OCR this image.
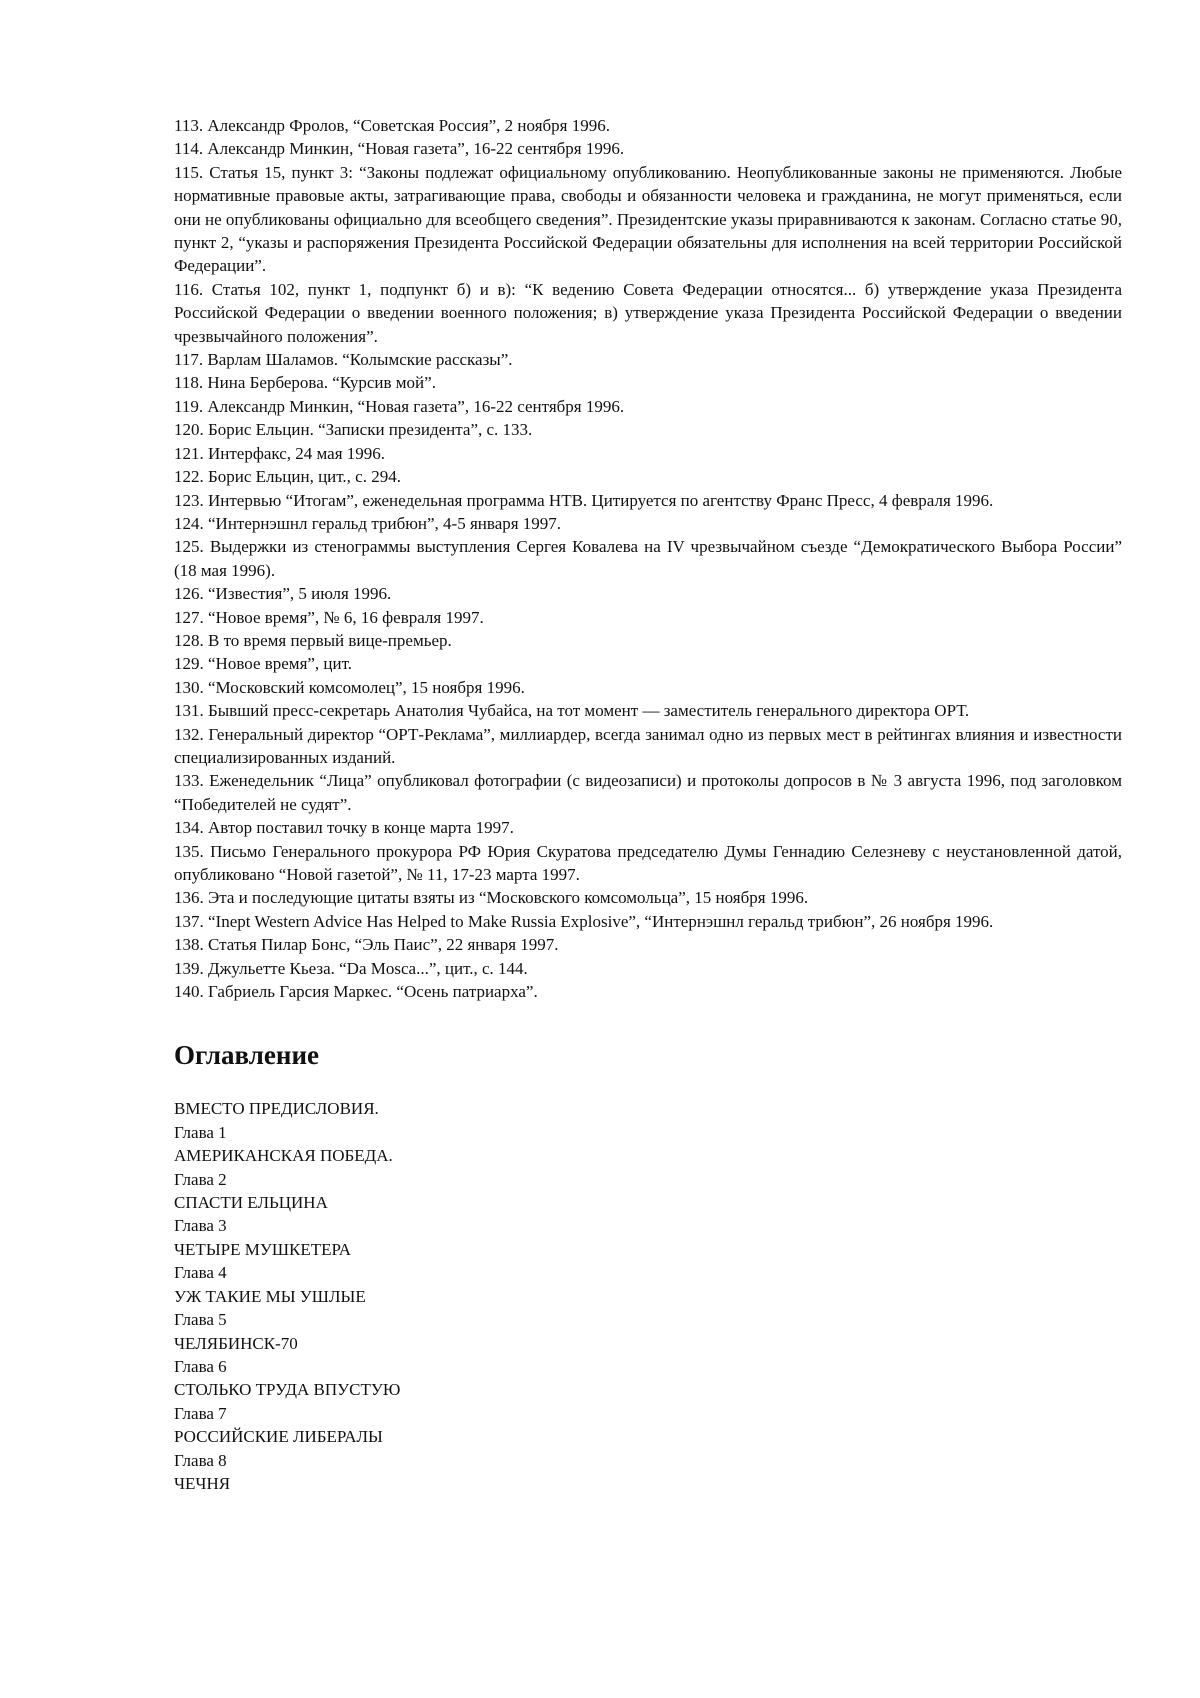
113. Александр Фролов, “Советская Россия”, 2 ноября 1996.

114. Александр Минкин, “Новая газета”, 16-22 сентября 1996.

115. Статья 15, пункт 3: “Законы подлежат официальному опубликованию. Неопубликованные законы не применяются. Любые нормативные правовые акты, затрагивающие права, свободы и обязанности человека и гражданина, не могут применяться, если они не опубликованы официально для всеобщего сведения”. Президентские указы приравниваются к законам. Согласно статье 90, пункт 2, “указы и распоряжения Президента Российской Федерации обязательны для исполнения на всей территории Российской Федерации”.

116. Статья 102, пункт 1, подпункт б) и в): “К ведению Совета Федерации относятся... б) утверждение указа Президента Российской Федерации о введении военного положения; в) утверждение указа Президента Российской Федерации о введении чрезвычайного положения”.

117. Варлам Шаламов. “Колымские рассказы”.

118. Нина Берберова. “Курсив мой”.

119. Александр Минкин, “Новая газета”, 16-22 сентября 1996.

120. Борис Ельцин. “Записки президента”, с. 133.

121. Интерфакс, 24 мая 1996.

122. Борис Ельцин, цит., с. 294.

123. Интервью “Итогам”, еженедельная программа НТВ. Цитируется по агентству Франс Пресс, 4 февраля 1996.

124. “Интернэшнл геральд трибюн”, 4-5 января 1997.

125. Выдержки из стенограммы выступления Сергея Ковалева на IV чрезвычайном съезде “Демократического Выбора России” (18 мая 1996).

126. “Известия”, 5 июля 1996.

127. “Новое время”, № 6, 16 февраля 1997.

128. В то время первый вице-премьер.

129. “Новое время”, цит.

130. “Московский комсомолец”, 15 ноября 1996.

131. Бывший пресс-секретарь Анатолия Чубайса, на тот момент — заместитель генерального директора ОРТ.

132. Генеральный директор “ОРТ-Реклама”, миллиардер, всегда занимал одно из первых мест в рейтингах влияния и известности специализированных изданий.

133. Еженедельник “Лица” опубликовал фотографии (с видеозаписи) и протоколы допросов в № 3 августа 1996, под заголовком “Победителей не судят”.

134. Автор поставил точку в конце марта 1997.

135. Письмо Генерального прокурора РФ Юрия Скуратова председателю Думы Геннадию Селезневу с неустановленной датой, опубликовано “Новой газетой”, № 11, 17-23 марта 1997.

136. Эта и последующие цитаты взяты из “Московского комсомольца”, 15 ноября 1996.

137. “Inept Western Advice Has Helped to Make Russia Explosive”, “Интернэшнл геральд трибюн”, 26 ноября 1996.

138. Статья Пилар Бонс, “Эль Паис”, 22 января 1997.

139. Джульетте Кьеза. “Da Mosca...”, цит., с. 144.

140. Габриель Гарсия Маркес. “Осень патриарха”.

Оглавление

ВМЕСТО ПРЕДИСЛОВИЯ.

Глава 1

АМЕРИКАНСКАЯ ПОБЕДА.

Глава 2

СПАСТИ ЕЛЬЦИНА

Глава 3

ЧЕТЫРЕ МУШКЕТЕРА

Глава 4

УЖ ТАКИЕ МЫ УШЛЫЕ

Глава 5

ЧЕЛЯБИНСК-70

Глава 6

СТОЛЬКО ТРУДА ВПУСТУЮ

Глава 7

РОССИЙСКИЕ ЛИБЕРАЛЫ

Глава 8

ЧЕЧНЯ
